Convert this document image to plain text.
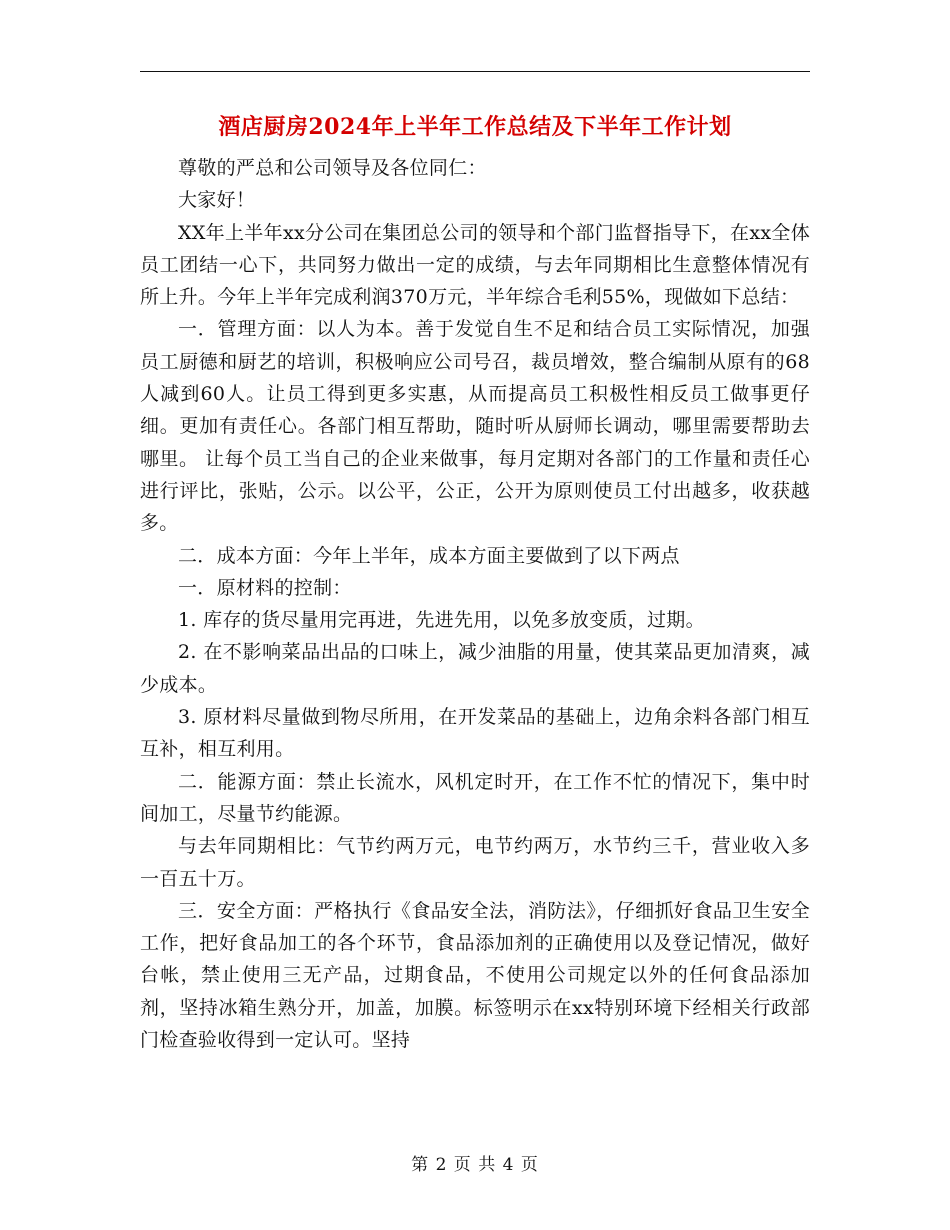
酒店厨房2024年上半年工作总结及下半年工作计划

尊敬的严总和公司领导及各位同仁：

大家好！

XX年上半年xx分公司在集团总公司的领导和个部门监督指导下，在xx全体员工团结一心下，共同努力做出一定的成绩，与去年同期相比生意整体情况有所上升。今年上半年完成利润370万元，半年综合毛利55%，现做如下总结：

一．管理方面：以人为本。善于发觉自生不足和结合员工实际情况，加强员工厨德和厨艺的培训，积极响应公司号召，裁员增效，整合编制从原有的68人减到60人。让员工得到更多实惠，从而提高员工积极性相反员工做事更仔细。更加有责任心。各部门相互帮助，随时听从厨师长调动，哪里需要帮助去哪里。 让每个员工当自己的企业来做事，每月定期对各部门的工作量和责任心进行评比，张贴，公示。以公平，公正，公开为原则使员工付出越多，收获越多。

二．成本方面：今年上半年，成本方面主要做到了以下两点

一．原材料的控制：

1. 库存的货尽量用完再进，先进先用，以免多放变质，过期。

2. 在不影响菜品出品的口味上，减少油脂的用量，使其菜品更加清爽，减少成本。

3. 原材料尽量做到物尽所用，在开发菜品的基础上，边角余料各部门相互互补，相互利用。

二．能源方面：禁止长流水，风机定时开，在工作不忙的情况下，集中时间加工，尽量节约能源。

与去年同期相比：气节约两万元，电节约两万，水节约三千，营业收入多一百五十万。

三．安全方面：严格执行《食品安全法，消防法》，仔细抓好食品卫生安全工作，把好食品加工的各个环节，食品添加剂的正确使用以及登记情况，做好台帐，禁止使用三无产品，过期食品，不使用公司规定以外的任何食品添加剂，坚持冰箱生熟分开，加盖，加膜。标签明示在xx特别环境下经相关行政部门检查验收得到一定认可。坚持

第 2 页 共 4 页
